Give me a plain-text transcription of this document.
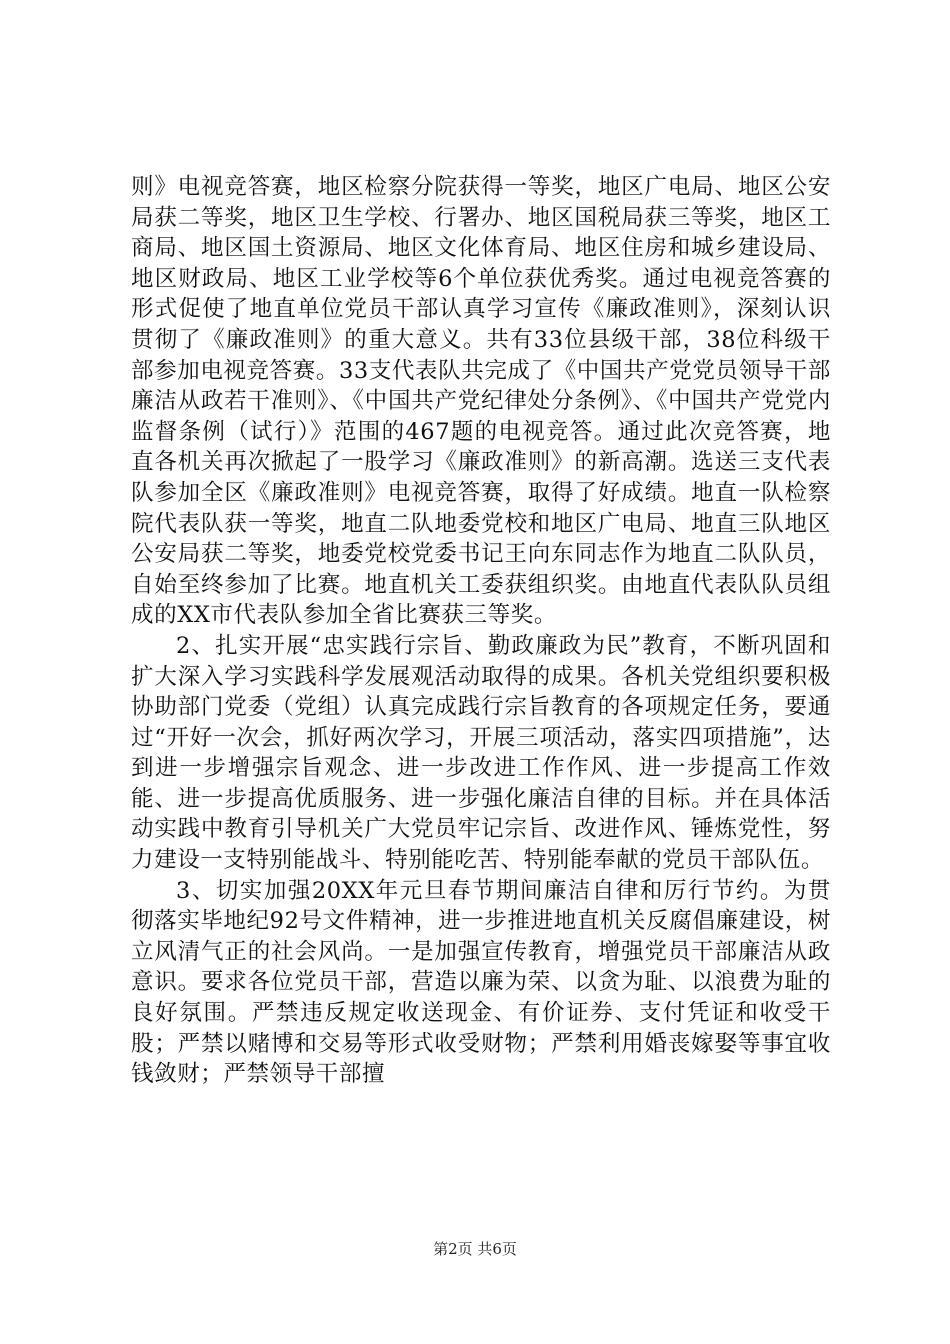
则》电视竞答赛，地区检察分院获得一等奖，地区广电局、地区公安局获二等奖，地区卫生学校、行署办、地区国税局获三等奖，地区工商局、地区国土资源局、地区文化体育局、地区住房和城乡建设局、地区财政局、地区工业学校等6个单位获优秀奖。通过电视竞答赛的形式促使了地直单位党员干部认真学习宣传《廉政准则》，深刻认识贯彻了《廉政准则》的重大意义。共有33位县级干部，38位科级干部参加电视竞答赛。33支代表队共完成了《中国共产党党员领导干部廉洁从政若干准则》、《中国共产党纪律处分条例》、《中国共产党党内监督条例（试行）》范围的467题的电视竞答。通过此次竞答赛，地直各机关再次掀起了一股学习《廉政准则》的新高潮。选送三支代表队参加全区《廉政准则》电视竞答赛，取得了好成绩。地直一队检察院代表队获一等奖，地直二队地委党校和地区广电局、地直三队地区公安局获二等奖，地委党校党委书记王向东同志作为地直二队队员，自始至终参加了比赛。地直机关工委获组织奖。由地直代表队队员组成的XX市代表队参加全省比赛获三等奖。

2、扎实开展“忠实践行宗旨、勤政廉政为民”教育，不断巩固和扩大深入学习实践科学发展观活动取得的成果。各机关党组织要积极协助部门党委（党组）认真完成践行宗旨教育的各项规定任务，要通过“开好一次会，抓好两次学习，开展三项活动，落实四项措施”，达到进一步增强宗旨观念、进一步改进工作作风、进一步提高工作效能、进一步提高优质服务、进一步强化廉洁自律的目标。并在具体活动实践中教育引导机关广大党员牢记宗旨、改进作风、锤炼党性，努力建设一支特别能战斗、特别能吃苦、特别能奉献的党员干部队伍。

3、切实加强20XX年元旦春节期间廉洁自律和厉行节约。为贯彻落实毕地纪92号文件精神，进一步推进地直机关反腐倡廉建设，树立风清气正的社会风尚。一是加强宣传教育，增强党员干部廉洁从政意识。要求各位党员干部，营造以廉为荣、以贪为耻、以浪费为耻的良好氛围。严禁违反规定收送现金、有价证券、支付凭证和收受干股；严禁以赌博和交易等形式收受财物；严禁利用婚丧嫁娶等事宜收钱敛财；严禁领导干部擅

第2页 共6页
